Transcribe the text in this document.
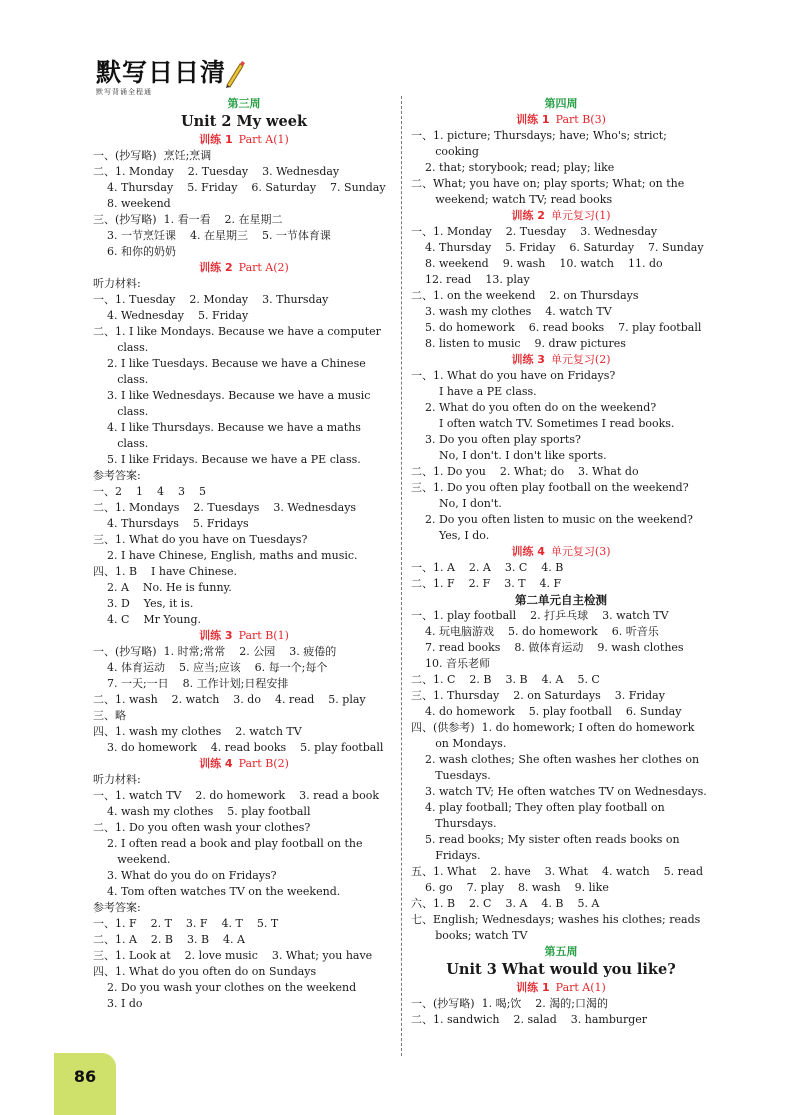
默写日日清
默写背诵全程通
第三周
Unit 2 My week
训练 1 Part A(1)
一、(抄写略)  烹饪;烹调
二、1. Monday    2. Tuesday    3. Wednesday
4. Thursday    5. Friday    6. Saturday    7. Sunday
8. weekend
三、(抄写略)  1. 看一看    2. 在星期二
3. 一节烹饪课    4. 在星期三    5. 一节体育课
6. 和你的奶奶
训练 2 Part A(2)
听力材料:
一、1. Tuesday    2. Monday    3. Thursday
4. Wednesday    5. Friday
二、1. I like Mondays. Because we have a computer class.
2. I like Tuesdays. Because we have a Chinese class.
3. I like Wednesdays. Because we have a music class.
4. I like Thursdays. Because we have a maths class.
5. I like Fridays. Because we have a PE class.
参考答案:
一、2    1    4    3    5
二、1. Mondays    2. Tuesdays    3. Wednesdays
4. Thursdays    5. Fridays
三、1. What do you have on Tuesdays?
2. I have Chinese, English, maths and music.
四、1. B    I have Chinese.
2. A    No. He is funny.
3. D    Yes, it is.
4. C    Mr Young.
训练 3 Part B(1)
一、(抄写略)  1. 时常;常常    2. 公园    3. 疲倦的
4. 体育运动    5. 应当;应该    6. 每一个;每个
7. 一天;一日    8. 工作计划;日程安排
二、1. wash    2. watch    3. do    4. read    5. play
三、略
四、1. wash my clothes    2. watch TV
3. do homework    4. read books    5. play football
训练 4 Part B(2)
听力材料:
一、1. watch TV    2. do homework    3. read a book
4. wash my clothes    5. play football
二、1. Do you often wash your clothes?
2. I often read a book and play football on the weekend.
3. What do you do on Fridays?
4. Tom often watches TV on the weekend.
参考答案:
一、1. F    2. T    3. F    4. T    5. T
二、1. A    2. B    3. B    4. A
三、1. Look at    2. love music    3. What; you have
四、1. What do you often do on Sundays
2. Do you wash your clothes on the weekend
3. I do
第四周
训练 1 Part B(3)
一、1. picture; Thursdays; have; Who's; strict; cooking
2. that; storybook; read; play; like
二、What; you have on; play sports; What; on the weekend; watch TV; read books
训练 2 单元复习(1)
一、1. Monday    2. Tuesday    3. Wednesday
4. Thursday    5. Friday    6. Saturday    7. Sunday
8. weekend    9. wash    10. watch    11. do
12. read    13. play
二、1. on the weekend    2. on Thursdays
3. wash my clothes    4. watch TV
5. do homework    6. read books    7. play football
8. listen to music    9. draw pictures
训练 3 单元复习(2)
一、1. What do you have on Fridays?
I have a PE class.
2. What do you often do on the weekend?
I often watch TV. Sometimes I read books.
3. Do you often play sports?
No, I don't. I don't like sports.
二、1. Do you    2. What; do    3. What do
三、1. Do you often play football on the weekend?
No, I don't.
2. Do you often listen to music on the weekend?
Yes, I do.
训练 4 单元复习(3)
一、1. A    2. A    3. C    4. B
二、1. F    2. F    3. T    4. F
第二单元自主检测
一、1. play football    2. 打乒乓球    3. watch TV
4. 玩电脑游戏    5. do homework    6. 听音乐
7. read books    8. 做体育运动    9. wash clothes
10. 音乐老师
二、1. C    2. B    3. B    4. A    5. C
三、1. Thursday    2. on Saturdays    3. Friday
4. do homework    5. play football    6. Sunday
四、(供参考)  1. do homework; I often do homework on Mondays.
2. wash clothes; She often washes her clothes on Tuesdays.
3. watch TV; He often watches TV on Wednesdays.
4. play football; They often play football on Thursdays.
5. read books; My sister often reads books on Fridays.
五、1. What    2. have    3. What    4. watch    5. read
6. go    7. play    8. wash    9. like
六、1. B    2. C    3. A    4. B    5. A
七、English; Wednesdays; washes his clothes; reads books; watch TV
第五周
Unit 3 What would you like?
训练 1 Part A(1)
一、(抄写略)  1. 喝;饮    2. 渴的;口渴的
二、1. sandwich    2. salad    3. hamburger
86
